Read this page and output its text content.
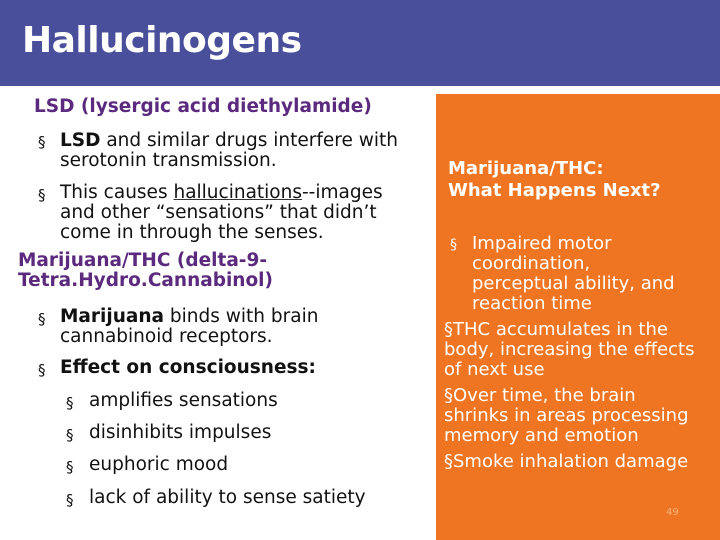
Hallucinogens
LSD (lysergic acid diethylamide)
§ LSD and similar drugs interfere with
serotonin transmission.
§ This causes hallucinations--images
and other “sensations” that didn’t
come in through the senses.
Marijuana/THC (delta-9-
Tetra.Hydro.Cannabinol)
§ Marijuana binds with brain
cannabinoid receptors.
§ Effect on consciousness:
§ amplifies sensations
§ disinhibits impulses
§ euphoric mood
§ lack of ability to sense satiety
Marijuana/THC:
What Happens Next?
§ Impaired motor
coordination,
perceptual ability, and
reaction time
§THC accumulates in the
body, increasing the effects
of next use
§Over time, the brain
shrinks in areas processing
memory and emotion
§Smoke inhalation damage
49
